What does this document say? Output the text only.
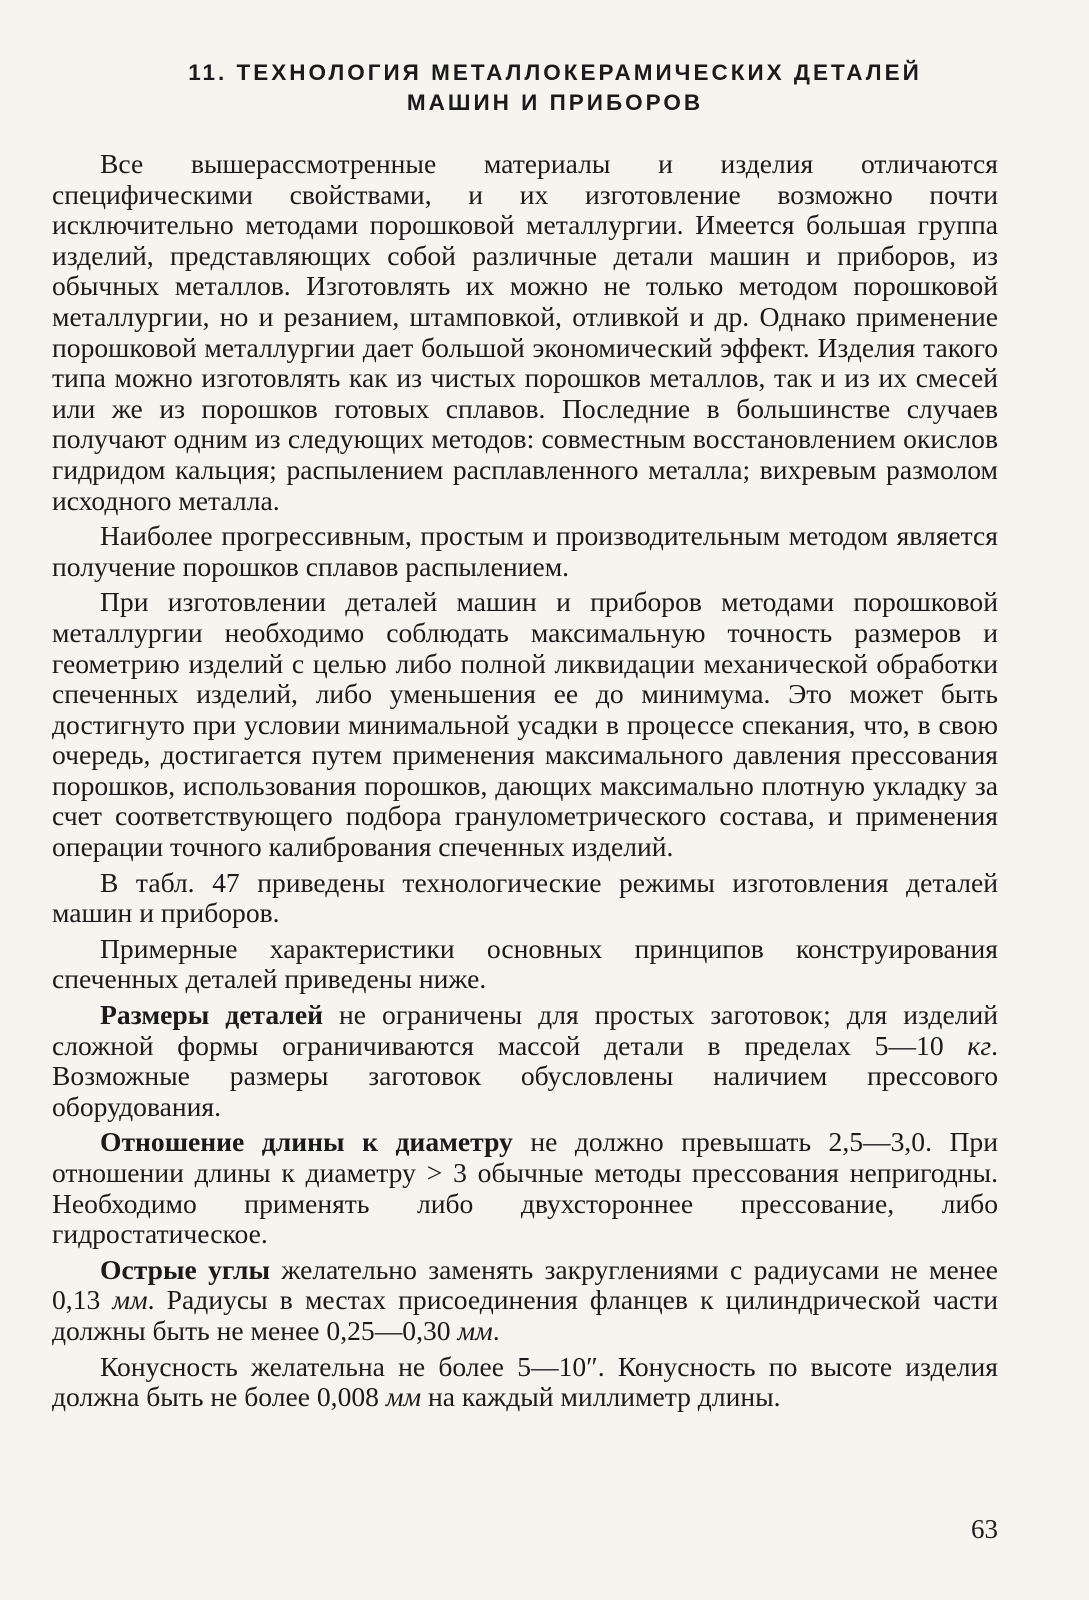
11. ТЕХНОЛОГИЯ МЕТАЛЛОКЕРАМИЧЕСКИХ ДЕТАЛЕЙ
МАШИН И ПРИБОРОВ

Все вышерассмотренные материалы и изделия отличаются специфическими свойствами, и их изготовление возможно почти исключительно методами порошковой металлургии. Имеется большая группа изделий, представляющих собой различные детали машин и приборов, из обычных металлов. Изготовлять их можно не только методом порошковой металлургии, но и резанием, штамповкой, отливкой и др. Однако применение порошковой металлургии дает большой экономический эффект. Изделия такого типа можно изготовлять как из чистых порошков металлов, так и из их смесей или же из порошков готовых сплавов. Последние в большинстве случаев получают одним из следующих методов: совместным восстановлением окислов гидридом кальция; распылением расплавленного металла; вихревым размолом исходного металла.

Наиболее прогрессивным, простым и производительным методом является получение порошков сплавов распылением.

При изготовлении деталей машин и приборов методами порошковой металлургии необходимо соблюдать максимальную точность размеров и геометрию изделий с целью либо полной ликвидации механической обработки спеченных изделий, либо уменьшения ее до минимума. Это может быть достигнуто при условии минимальной усадки в процессе спекания, что, в свою очередь, достигается путем применения максимального давления прессования порошков, использования порошков, дающих максимально плотную укладку за счет соответствующего подбора гранулометрического состава, и применения операции точного калибрования спеченных изделий.

В табл. 47 приведены технологические режимы изготовления деталей машин и приборов.

Примерные характеристики основных принципов конструирования спеченных деталей приведены ниже.

Размеры деталей не ограничены для простых заготовок; для изделий сложной формы ограничиваются массой детали в пределах 5—10 кг. Возможные размеры заготовок обусловлены наличием прессового оборудования.

Отношение длины к диаметру не должно превышать 2,5—3,0. При отношении длины к диаметру > 3 обычные методы прессования непригодны. Необходимо применять либо двухстороннее прессование, либо гидростатическое.

Острые углы желательно заменять закруглениями с радиусами не менее 0,13 мм. Радиусы в местах присоединения фланцев к цилиндрической части должны быть не менее 0,25—0,30 мм.

Конусность желательна не более 5—10″. Конусность по высоте изделия должна быть не более 0,008 мм на каждый миллиметр длины.

63
